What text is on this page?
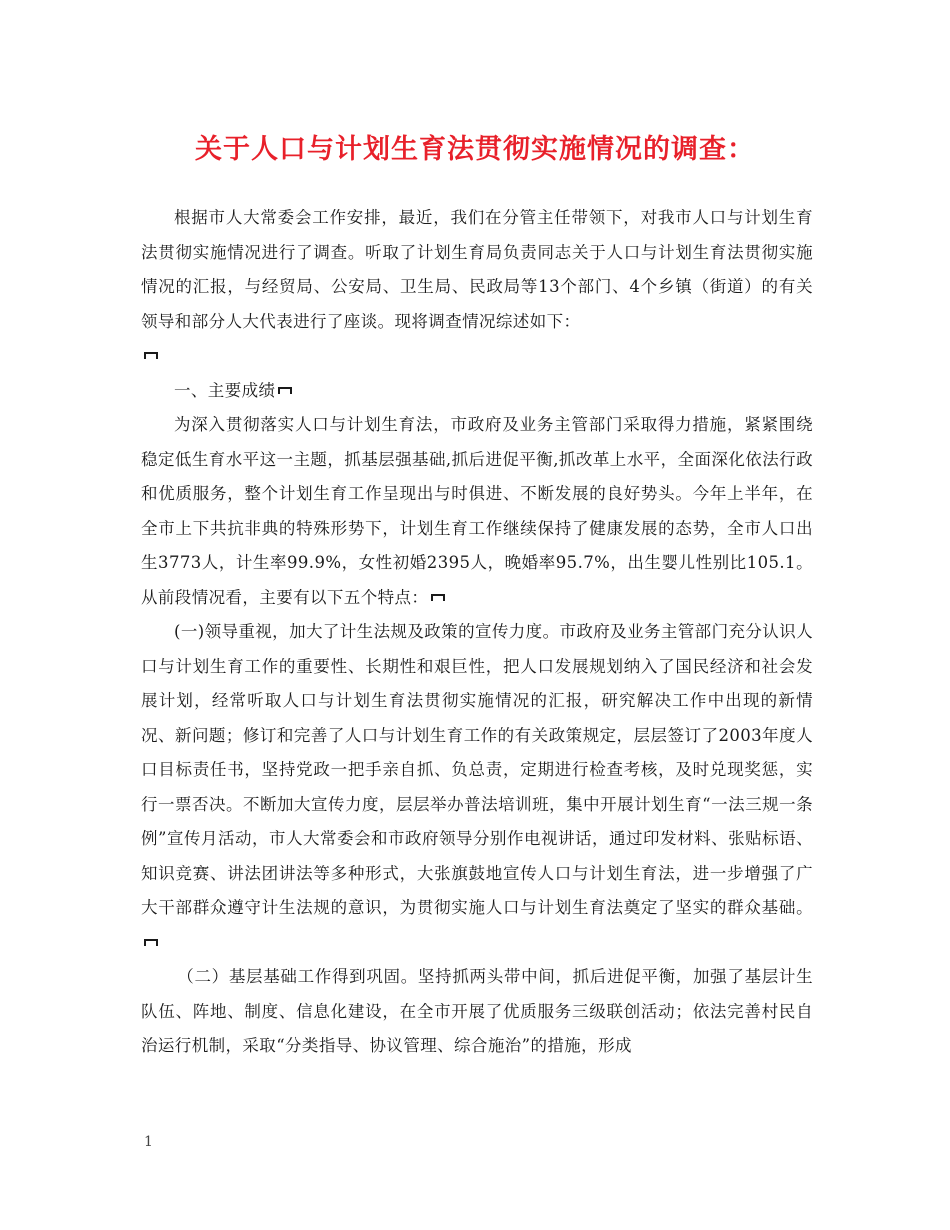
关于人口与计划生育法贯彻实施情况的调查：

根据市人大常委会工作安排，最近，我们在分管主任带领下，对我市人口与计划生育法贯彻实施情况进行了调查。听取了计划生育局负责同志关于人口与计划生育法贯彻实施情况的汇报，与经贸局、公安局、卫生局、民政局等13个部门、4个乡镇（街道）的有关领导和部分人大代表进行了座谈。现将调查情况综述如下：

一、主要成绩

为深入贯彻落实人口与计划生育法，市政府及业务主管部门采取得力措施，紧紧围绕稳定低生育水平这一主题，抓基层强基础,抓后进促平衡,抓改革上水平，全面深化依法行政和优质服务，整个计划生育工作呈现出与时俱进、不断发展的良好势头。今年上半年，在全市上下共抗非典的特殊形势下，计划生育工作继续保持了健康发展的态势，全市人口出生3773人，计生率99.9%，女性初婚2395人，晚婚率95.7%，出生婴儿性别比105.1。从前段情况看，主要有以下五个特点：

(一)领导重视，加大了计生法规及政策的宣传力度。市政府及业务主管部门充分认识人口与计划生育工作的重要性、长期性和艰巨性，把人口发展规划纳入了国民经济和社会发展计划，经常听取人口与计划生育法贯彻实施情况的汇报，研究解决工作中出现的新情况、新问题；修订和完善了人口与计划生育工作的有关政策规定，层层签订了2003年度人口目标责任书，坚持党政一把手亲自抓、负总责，定期进行检查考核，及时兑现奖惩，实行一票否决。不断加大宣传力度，层层举办普法培训班，集中开展计划生育“一法三规一条例”宣传月活动，市人大常委会和市政府领导分别作电视讲话，通过印发材料、张贴标语、知识竞赛、讲法团讲法等多种形式，大张旗鼓地宣传人口与计划生育法，进一步增强了广大干部群众遵守计生法规的意识，为贯彻实施人口与计划生育法奠定了坚实的群众基础。

（二）基层基础工作得到巩固。坚持抓两头带中间，抓后进促平衡，加强了基层计生队伍、阵地、制度、信息化建设，在全市开展了优质服务三级联创活动；依法完善村民自治运行机制，采取“分类指导、协议管理、综合施治”的措施，形成

1
